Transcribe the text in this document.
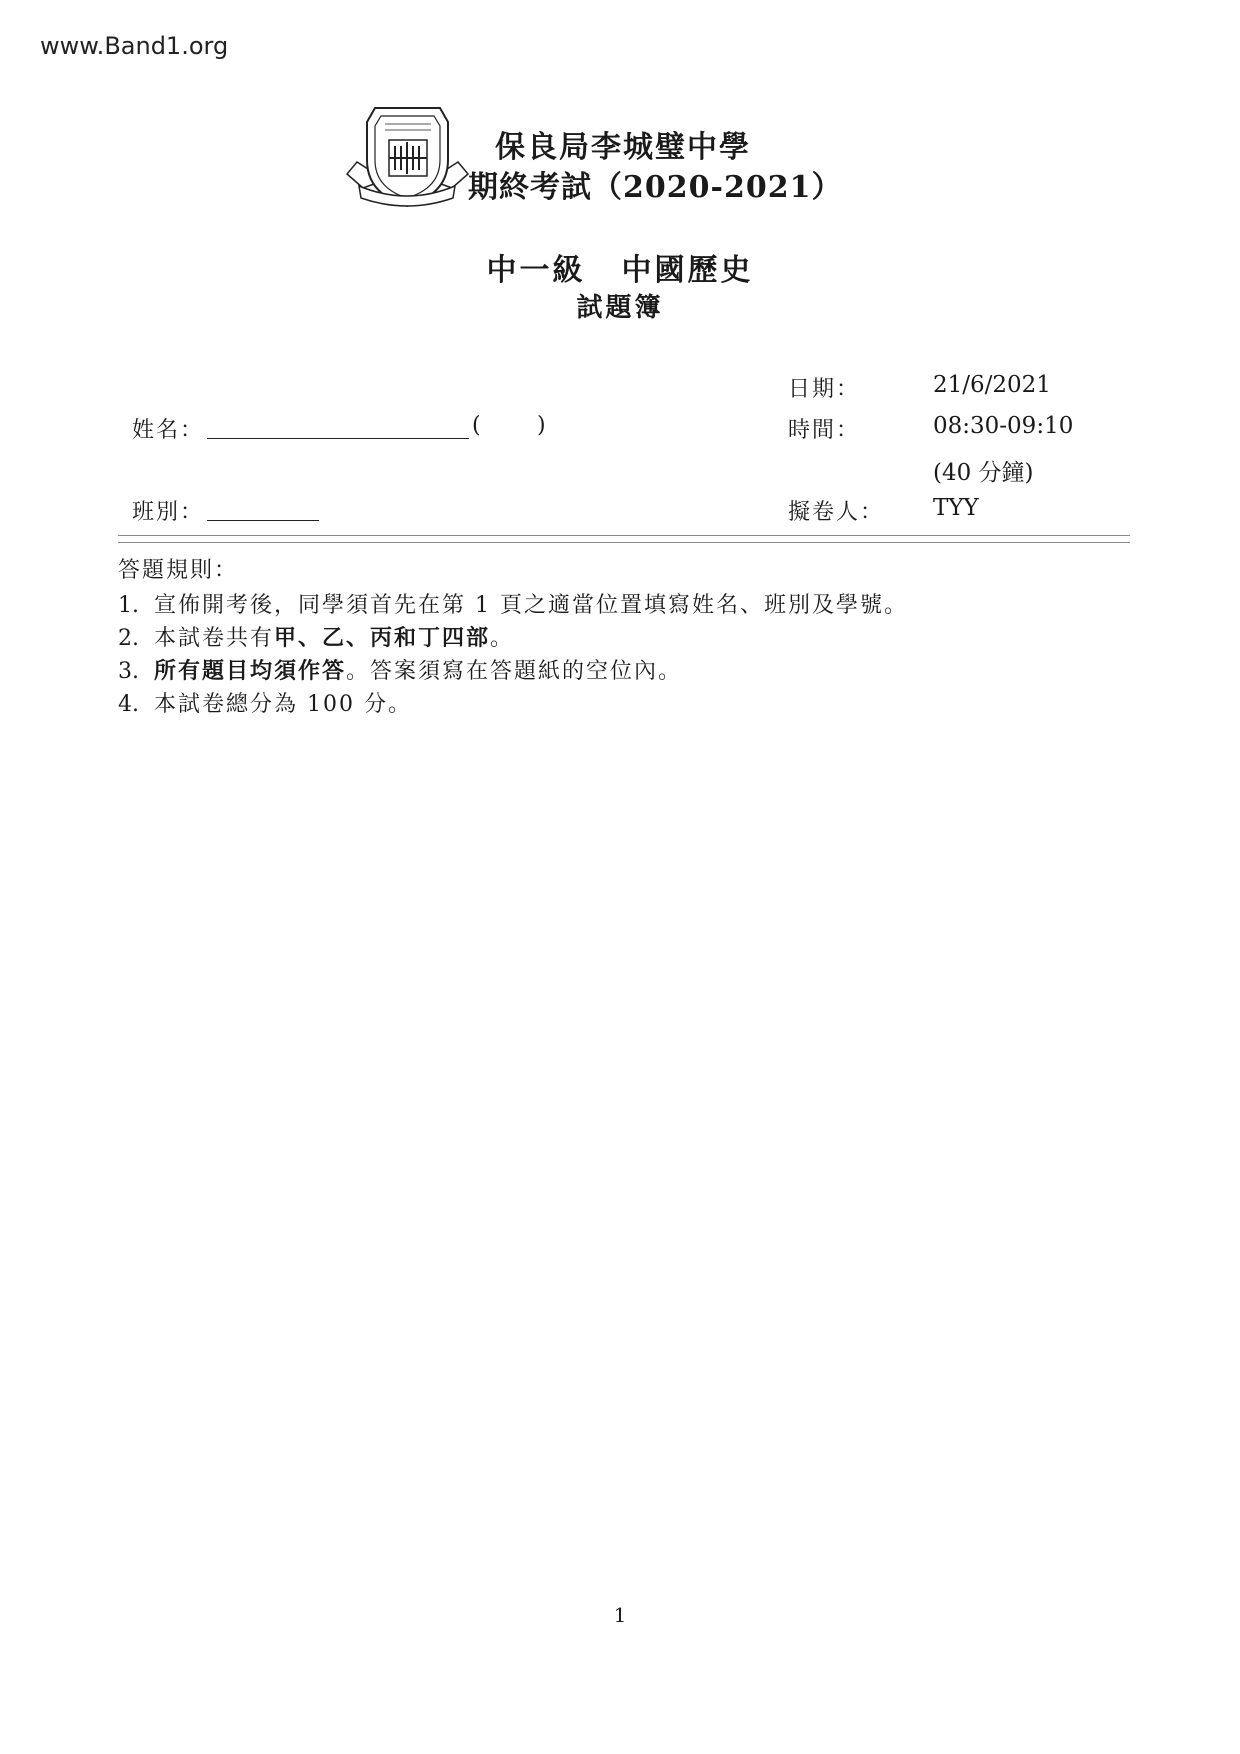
www.Band1.org
保良局李城璧中學
期終考試（2020-2021）
中一級 中國歷史
試題簿
日期：	21/6/2021
姓名：	(	)	時間：	08:30-09:10
(40 分鐘)
班別：	擬卷人： TYY
答題規則：
1. 宣佈開考後，同學須首先在第 1 頁之適當位置填寫姓名、班別及學號。
2. 本試卷共有甲、乙、丙和丁四部。
3. 所有題目均須作答。答案須寫在答題紙的空位內。
4. 本試卷總分為 100 分。
1
